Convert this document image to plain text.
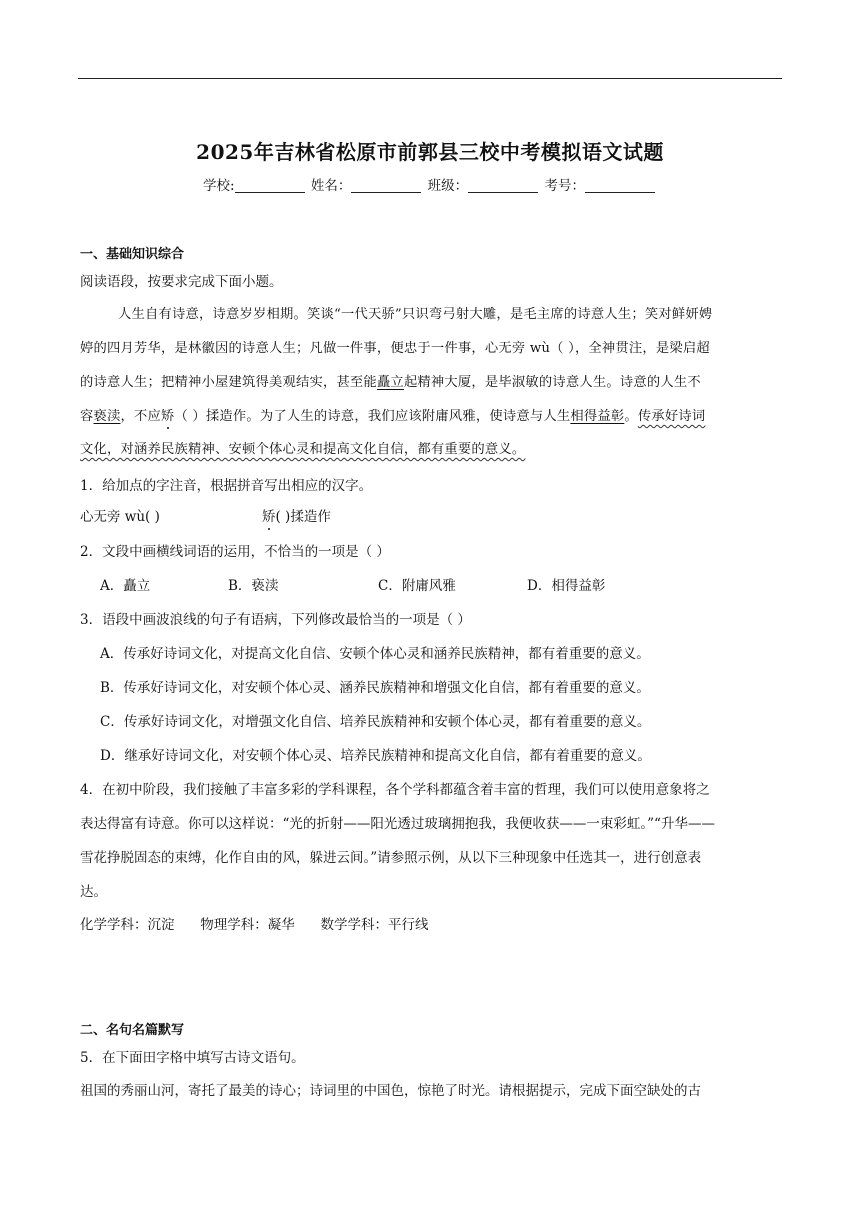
2025年吉林省松原市前郭县三校中考模拟语文试题
学校:	姓名：	班级：	考号：
一、基础知识综合
阅读语段，按要求完成下面小题。
人生自有诗意，诗意岁岁相期。笑谈“一代天骄”只识弯弓射大雕，是毛主席的诗意人生；笑对鲜妍娉
婷的四月芳华，是林徽因的诗意人生；凡做一件事，便忠于一件事，心无旁 wù（ ），全神贯注，是梁启超
的诗意人生；把精神小屋建筑得美观结实，甚至能矗立起精神大厦，是毕淑敏的诗意人生。诗意的人生不
容亵渎，不应矫（ ）揉造作。为了人生的诗意，我们应该附庸风雅，使诗意与人生相得益彰。传承好诗词
文化，对涵养民族精神、安顿个体心灵和提高文化自信，都有重要的意义。
1．给加点的字注音，根据拼音写出相应的汉字。
心无旁 wù( )	矫( )揉造作
2．文段中画横线词语的运用，不恰当的一项是（ ）
A．矗立	B．亵渎	C．附庸风雅	D．相得益彰
3．语段中画波浪线的句子有语病，下列修改最恰当的一项是（ ）
A．传承好诗词文化，对提高文化自信、安顿个体心灵和涵养民族精神，都有着重要的意义。
B．传承好诗词文化，对安顿个体心灵、涵养民族精神和增强文化自信，都有着重要的意义。
C．传承好诗词文化，对增强文化自信、培养民族精神和安顿个体心灵，都有着重要的意义。
D．继承好诗词文化，对安顿个体心灵、培养民族精神和提高文化自信，都有着重要的意义。
4．在初中阶段，我们接触了丰富多彩的学科课程，各个学科都蕴含着丰富的哲理，我们可以使用意象将之
表达得富有诗意。你可以这样说：“光的折射——阳光透过玻璃拥抱我，我便收获——一束彩虹。”“升华——
雪花挣脱固态的束缚，化作自由的风，躲进云间。”请参照示例，从以下三种现象中任选其一，进行创意表
达。
化学学科：沉淀      物理学科：凝华      数学学科：平行线
二、名句名篇默写
5．在下面田字格中填写古诗文语句。
祖国的秀丽山河，寄托了最美的诗心；诗词里的中国色，惊艳了时光。请根据提示，完成下面空缺处的古
